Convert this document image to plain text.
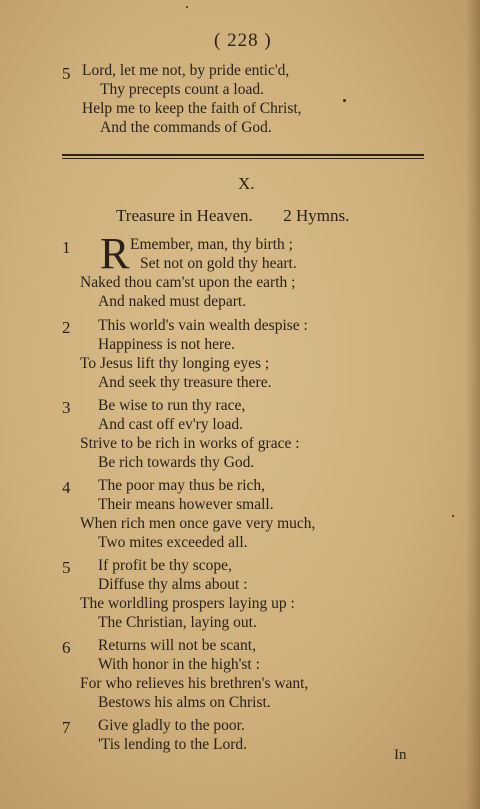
( 228 )
5 Lord, let me not, by pride entic'd,
Thy precepts count a load.
Help me to keep the faith of Christ,
And the commands of God.
X.
Treasure in Heaven. 2 Hymns.
1 R Emember, man, thy birth ;
Set not on gold thy heart.
Naked thou cam'st upon the earth ;
And naked must depart.
2 This world's vain wealth despise :
Happiness is not here.
To Jesus lift thy longing eyes ;
And seek thy treasure there.
3 Be wise to run thy race,
And cast off ev'ry load.
Strive to be rich in works of grace :
Be rich towards thy God.
4 The poor may thus be rich,
Their means however small.
When rich men once gave very much,
Two mites exceeded all.
5 If profit be thy scope,
Diffuse thy alms about :
The worldling prospers laying up :
The Christian, laying out.
6 Returns will not be scant,
With honor in the high'st :
For who relieves his brethren's want,
Bestows his alms on Christ.
7 Give gladly to the poor.
'Tis lending to the Lord.
In
